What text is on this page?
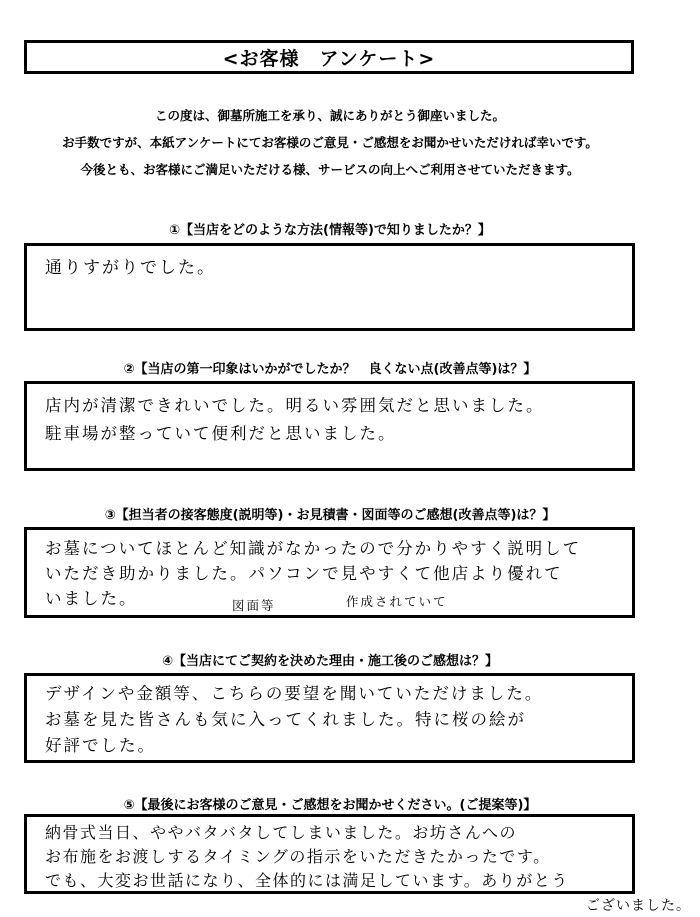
<お客様　アンケート>
この度は、御墓所施工を承り、誠にありがとう御座いました。
お手数ですが、本紙アンケートにてお客様のご意見・ご感想をお聞かせいただければ幸いです。
今後とも、お客様にご満足いただける様、サービスの向上へご利用させていただきます。
①【当店をどのような方法(情報等)で知りましたか？】
通りすがりでした。
②【当店の第一印象はいかがでしたか？　良くない点(改善点等)は？】
店内が清潔できれいでした。明るい雰囲気だと思いました。
駐車場が整っていて便利だと思いました。
③【担当者の接客態度(説明等)・お見積書・図面等のご感想(改善点等)は？】
お墓についてほとんど知識がなかったので分かりやすく説明して
いただき助かりました。パソコンで見やすくて他店より優れて
いました。	図面等	作成されていて
④【当店にてご契約を決めた理由・施工後のご感想は？】
デザインや金額等、こちらの要望を聞いていただけました。
お墓を見た皆さんも気に入ってくれました。特に桜の絵が
好評でした。
⑤【最後にお客様のご意見・ご感想をお聞かせください。(ご提案等)】
納骨式当日、ややバタバタしてしまいました。お坊さんへの
お布施をお渡しするタイミングの指示をいただきたかったです。
でも、大変お世話になり、全体的には満足しています。ありがとう
ございました。
